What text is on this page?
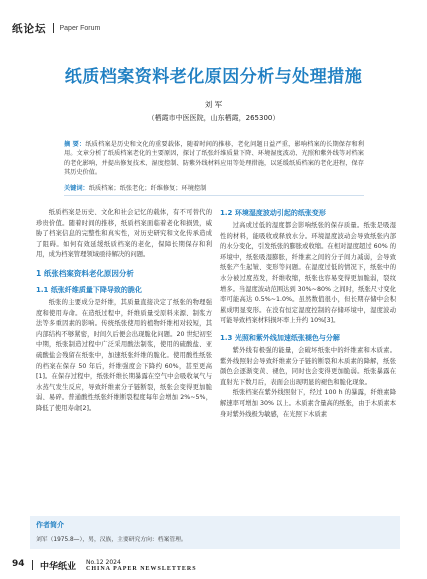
纸论坛 Paper Forum
纸质档案资料老化原因分析与处理措施
刘 军
（栖霞市中医医院，山东栖霞，265300）
摘 要：纸质档案是历史和文化的重要载体，随着时间的推移，老化问题日益严重，影响档案的长期保存和利用。文章分析了纸质档案老化的主要原因，探讨了纸张纤维质量下降、环境湿度波动、光照和紫外线等对档案的老化影响，并提出修复技术、湿度控制、防紫外线材料应用等处理措施，以延缓纸质档案的老化进程，保存其历史价值。
关键词：纸质档案；纸张老化；纤维修复；环境控制

纸质档案是历史、文化和社会记忆的载体，有不可替代的珍贵价值。随着时间的推移，纸质档案面临着老化和损毁，威胁了档案信息的完整性和真实性，对历史研究和文化传承造成了阻碍。如何有效延缓纸质档案的老化，保障长期保存和利用，成为档案管理领域亟待解决的问题。

1 纸张档案资料老化原因分析

1.1 纸张纤维质量下降导致的脆化

纸张的主要成分是纤维，其质量直接决定了纸张的物理强度和使用寿命。在造纸过程中，纤维质量受原料来源、制浆方法等多重因素的影响。传统纸张使用的植物纤维相对较短，其内部结构不够紧密，时间久后便会出现脆化问题。20 世纪初至中期，纸张制造过程中广泛采用酸法制浆，使用的硫酸盐、亚硫酸盐会残留在纸张中，加速纸张纤维的脆化。使用酸性纸张的档案在保存 50 年后，纤维强度会下降约 60%，甚至更高[1]。在保存过程中，纸张纤维长期暴露在空气中会吸收氧气与水蒸气发生反应，导致纤维素分子链断裂，纸张会变得更加脆弱、易碎。普通酸性纸张纤维断裂程度每年会增加 2%~5%，降低了使用寿命[2]。

1.2 环境湿度波动引起的纸张变形

过高或过低的湿度都会影响纸张的保存质量。纸张是吸湿性的材料，能吸收或释放水分。环境湿度波动会导致纸张内部的水分变化，引发纸张的膨胀或收缩。在相对湿度超过 60% 的环境中，纸张吸湿膨胀，纤维素之间的分子间力减弱，会导致纸张产生起皱、变形等问题。在湿度过低的情况下，纸张中的水分被过度蒸发，纤维收缩，纸张也容易变得更加脆弱，裂纹增多。当湿度波动范围达到 30%~80% 之间时，纸张尺寸变化率可能高达 0.5%~1.0%。虽然数值很小，但长期存储中会积累成明显变形。在没有恒定湿度控制的存储环境中，湿度波动可能导致档案材料损坏率上升约 10%[3]。

1.3 光照和紫外线加速纸张褪色与分解

紫外线有极强的能量，会破坏纸张中的纤维素和木质素。紫外线照射会导致纤维素分子链的断裂和木质素的降解，纸张颜色会逐渐变黄、褪色，同时也会变得更加脆弱。纸张暴露在直射光下数月后，表面会出现明显的褪色和脆化现象。

纸张档案在紫外线照射下，经过 100 h 的暴露，纤维素降解速率可增加 30% 以上。木质素含量高的纸张，由于木质素本身对紫外线极为敏感，在光照下木质素

作者简介
刘军（1975.8—），男，汉族，主要研究方向：档案管理。
94 中华纸业 No.12 2024
CHINA PAPER NEWSLETTERS
